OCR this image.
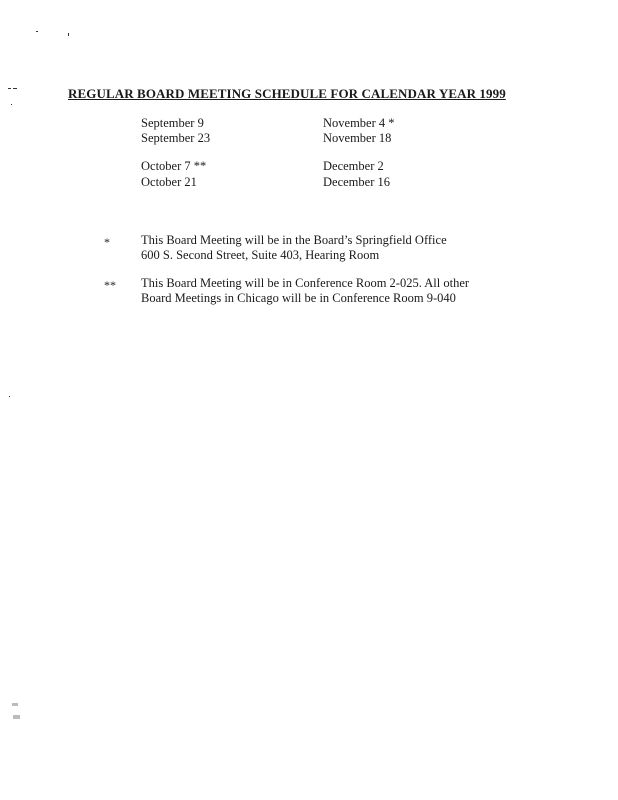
REGULAR BOARD MEETING SCHEDULE FOR CALENDAR YEAR 1999
September 9
September 23
October 7 **
October 21
November 4 *
November 18
December 2
December 16
* This Board Meeting will be in the Board’s Springfield Office
600 S. Second Street, Suite 403, Hearing Room
** This Board Meeting will be in Conference Room 2-025. All other
Board Meetings in Chicago will be in Conference Room 9-040
